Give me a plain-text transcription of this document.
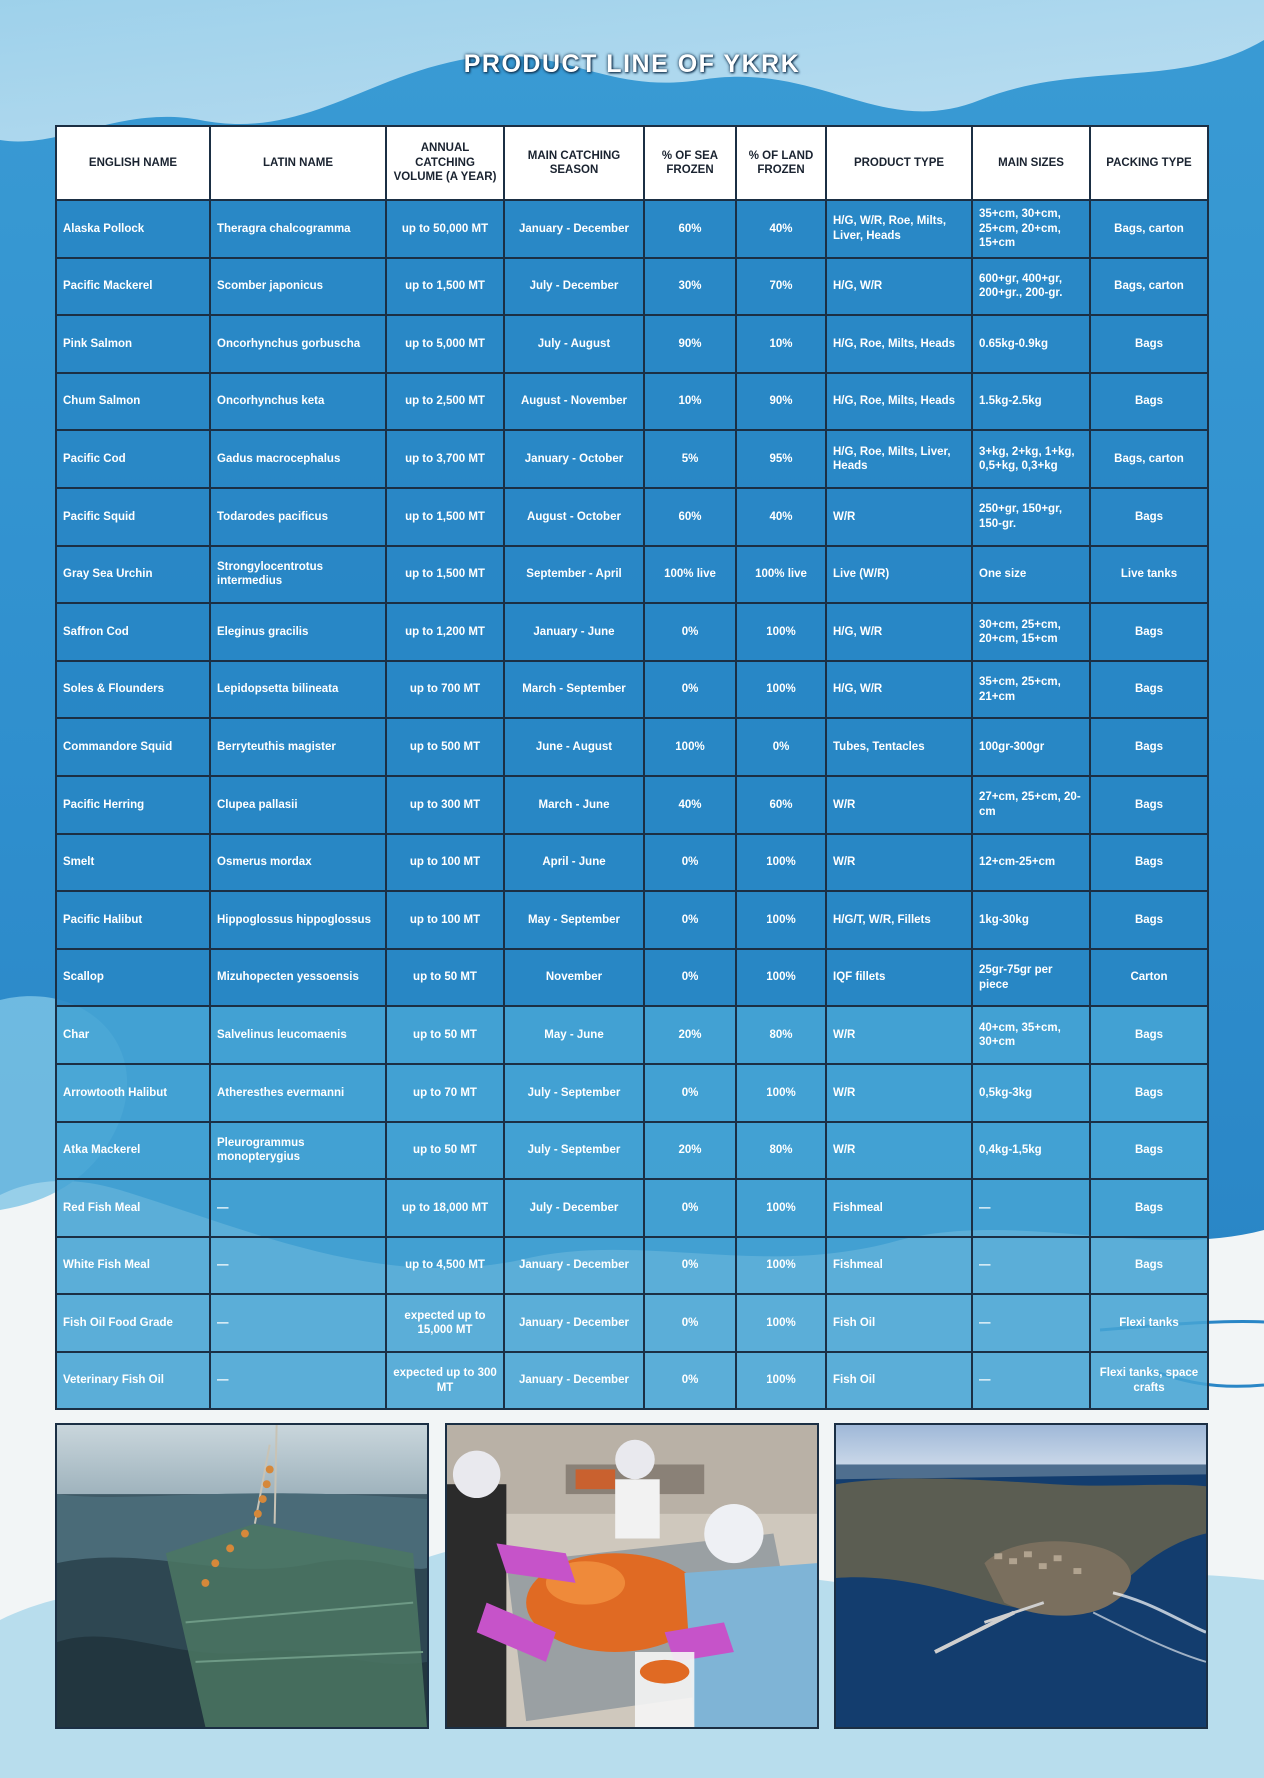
PRODUCT LINE OF YKRK
ENGLISH NAME	LATIN NAME	ANNUAL CATCHING VOLUME (A YEAR)	MAIN CATCHING SEASON	% OF SEA FROZEN	% OF LAND FROZEN	PRODUCT TYPE	MAIN SIZES	PACKING TYPE
Alaska Pollock	Theragra chalcogramma	up to 50,000 MT	January - December	60%	40%	H/G, W/R, Roe, Milts, Liver, Heads	35+cm, 30+cm, 25+cm, 20+cm, 15+cm	Bags, carton
Pacific Mackerel	Scomber japonicus	up to 1,500 MT	July - December	30%	70%	H/G, W/R	600+gr, 400+gr, 200+gr., 200-gr.	Bags, carton
Pink Salmon	Oncorhynchus gorbuscha	up to 5,000 MT	July - August	90%	10%	H/G, Roe, Milts, Heads	0.65kg-0.9kg	Bags
Chum Salmon	Oncorhynchus keta	up to 2,500 MT	August - November	10%	90%	H/G, Roe, Milts, Heads	1.5kg-2.5kg	Bags
Pacific Cod	Gadus macrocephalus	up to 3,700 MT	January - October	5%	95%	H/G, Roe, Milts, Liver, Heads	3+kg, 2+kg, 1+kg, 0,5+kg, 0,3+kg	Bags, carton
Pacific Squid	Todarodes pacificus	up to 1,500 MT	August - October	60%	40%	W/R	250+gr, 150+gr, 150-gr.	Bags
Gray Sea Urchin	Strongylocentrotus intermedius	up to 1,500 MT	September - April	100% live	100% live	Live (W/R)	One size	Live tanks
Saffron Cod	Eleginus gracilis	up to 1,200 MT	January - June	0%	100%	H/G, W/R	30+cm, 25+cm, 20+cm, 15+cm	Bags
Soles & Flounders	Lepidopsetta bilineata	up to 700 MT	March - September	0%	100%	H/G, W/R	35+cm, 25+cm, 21+cm	Bags
Commandore Squid	Berryteuthis magister	up to 500 MT	June - August	100%	0%	Tubes, Tentacles	100gr-300gr	Bags
Pacific Herring	Clupea pallasii	up to 300 MT	March - June	40%	60%	W/R	27+cm, 25+cm, 20-cm	Bags
Smelt	Osmerus mordax	up to 100 MT	April - June	0%	100%	W/R	12+cm-25+cm	Bags
Pacific Halibut	Hippoglossus hippoglossus	up to 100 MT	May - September	0%	100%	H/G/T, W/R, Fillets	1kg-30kg	Bags
Scallop	Mizuhopecten yessoensis	up to 50 MT	November	0%	100%	IQF fillets	25gr-75gr per piece	Carton
Char	Salvelinus leucomaenis	up to 50 MT	May - June	20%	80%	W/R	40+cm, 35+cm, 30+cm	Bags
Arrowtooth Halibut	Atheresthes evermanni	up to 70 MT	July - September	0%	100%	W/R	0,5kg-3kg	Bags
Atka Mackerel	Pleurogrammus monopterygius	up to 50 MT	July - September	20%	80%	W/R	0,4kg-1,5kg	Bags
Red Fish Meal	—	up to 18,000 MT	July - December	0%	100%	Fishmeal	—	Bags
White Fish Meal	—	up to 4,500 MT	January - December	0%	100%	Fishmeal	—	Bags
Fish Oil Food Grade	—	expected up to 15,000 MT	January - December	0%	100%	Fish Oil	—	Flexi tanks
Veterinary Fish Oil	—	expected up to 300 MT	January - December	0%	100%	Fish Oil	—	Flexi tanks, space crafts
